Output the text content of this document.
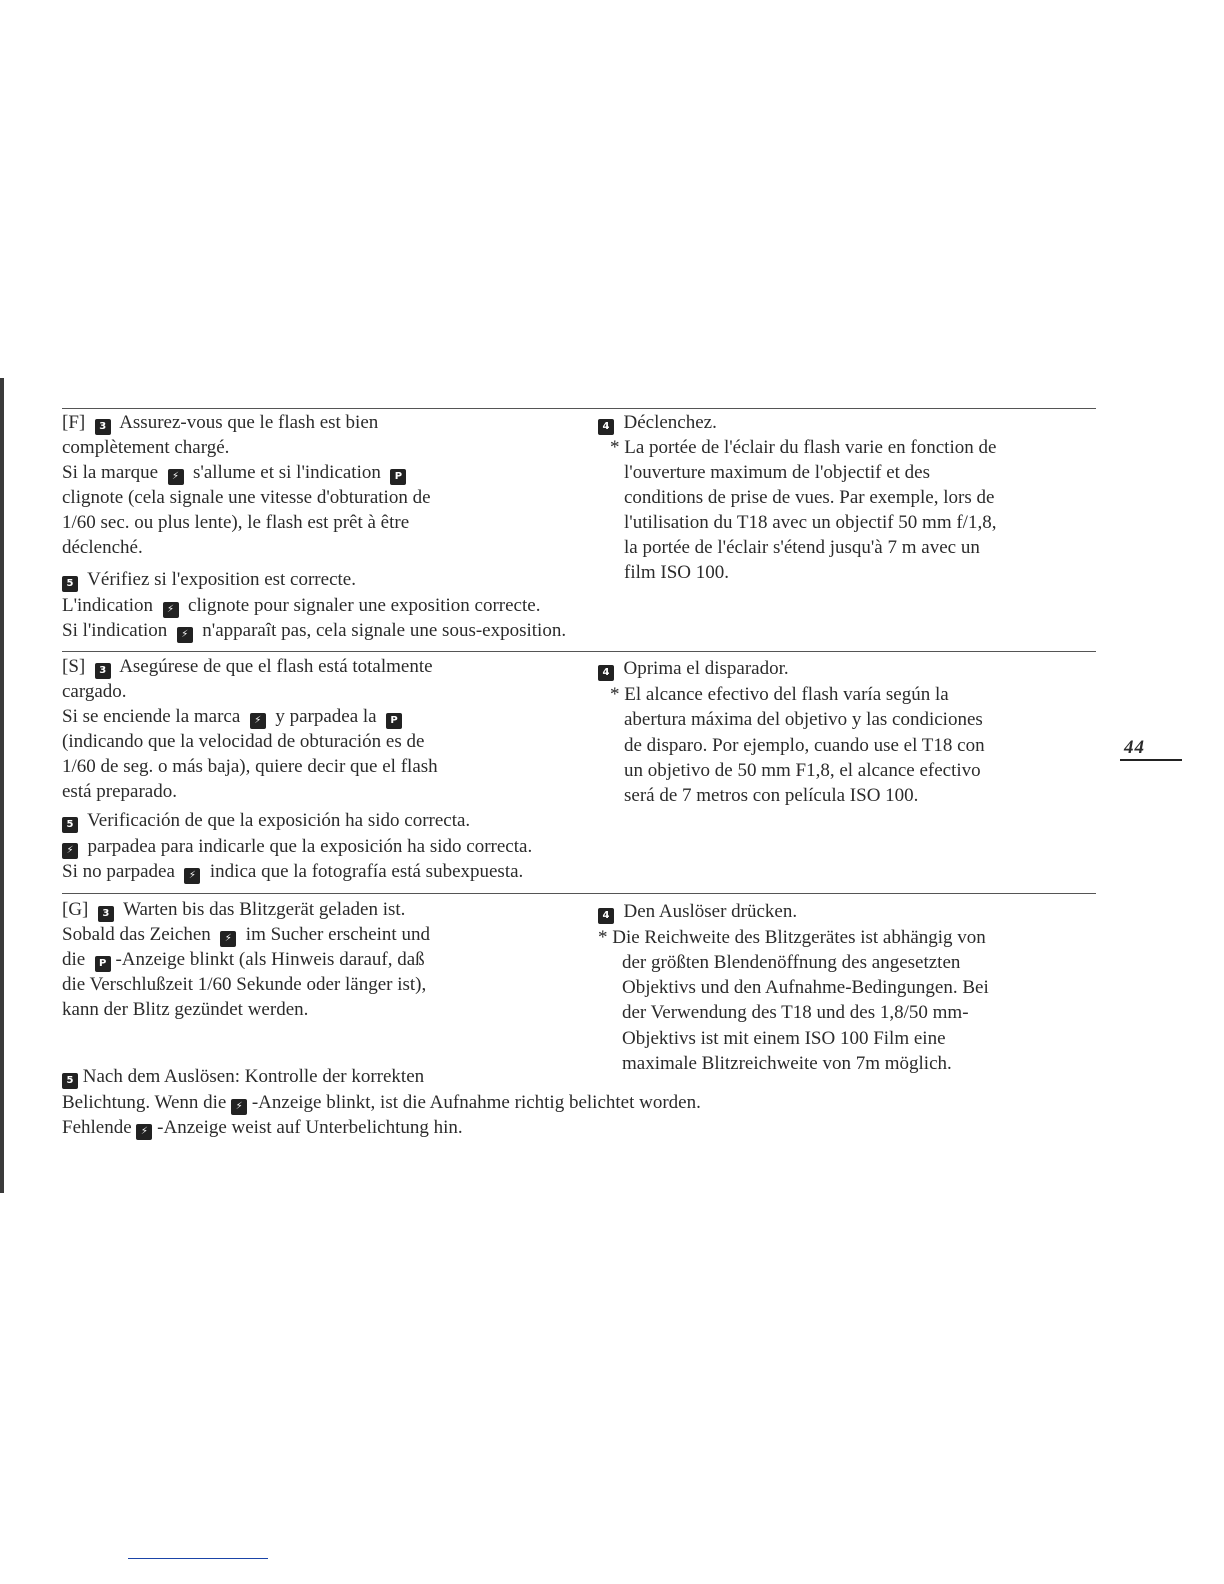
[F] 3 Assurez-vous que le flash est bien
complètement chargé.
Si la marque ⚡ s'allume et si l'indication P
clignote (cela signale une vitesse d'obturation de
1/60 sec. ou plus lente), le flash est prêt à être
déclenché.
4 Déclenchez.
* La portée de l'éclair du flash varie en fonction de
l'ouverture maximum de l'objectif et des
conditions de prise de vues. Par exemple, lors de
l'utilisation du T18 avec un objectif 50 mm f/1,8,
la portée de l'éclair s'étend jusqu'à 7 m avec un
film ISO 100.
5 Vérifiez si l'exposition est correcte.
L'indication ⚡ clignote pour signaler une exposition correcte.
Si l'indication ⚡ n'apparaît pas, cela signale une sous-exposition.
[S] 3 Asegúrese de que el flash está totalmente
cargado.
Si se enciende la marca ⚡ y parpadea la P
(indicando que la velocidad de obturación es de
1/60 de seg. o más baja), quiere decir que el flash
está preparado.
4 Oprima el disparador.
* El alcance efectivo del flash varía según la
abertura máxima del objetivo y las condiciones
de disparo. Por ejemplo, cuando use el T18 con
un objetivo de 50 mm F1,8, el alcance efectivo
será de 7 metros con película ISO 100.
5 Verificación de que la exposición ha sido correcta.
⚡ parpadea para indicarle que la exposición ha sido correcta.
Si no parpadea ⚡ indica que la fotografía está subexpuesta.
44
[G] 3 Warten bis das Blitzgerät geladen ist.
Sobald das Zeichen ⚡ im Sucher erscheint und
die P -Anzeige blinkt (als Hinweis darauf, daß
die Verschlußzeit 1/60 Sekunde oder länger ist),
kann der Blitz gezündet werden.
4 Den Auslöser drücken.
* Die Reichweite des Blitzgerätes ist abhängig von
der größten Blendenöffnung des angesetzten
Objektivs und den Aufnahme-Bedingungen. Bei
der Verwendung des T18 und des 1,8/50 mm-
Objektivs ist mit einem ISO 100 Film eine
maximale Blitzreichweite von 7m möglich.
5 Nach dem Auslösen: Kontrolle der korrekten
Belichtung. Wenn die ⚡ -Anzeige blinkt, ist die Aufnahme richtig belichtet worden.
Fehlende ⚡ -Anzeige weist auf Unterbelichtung hin.
